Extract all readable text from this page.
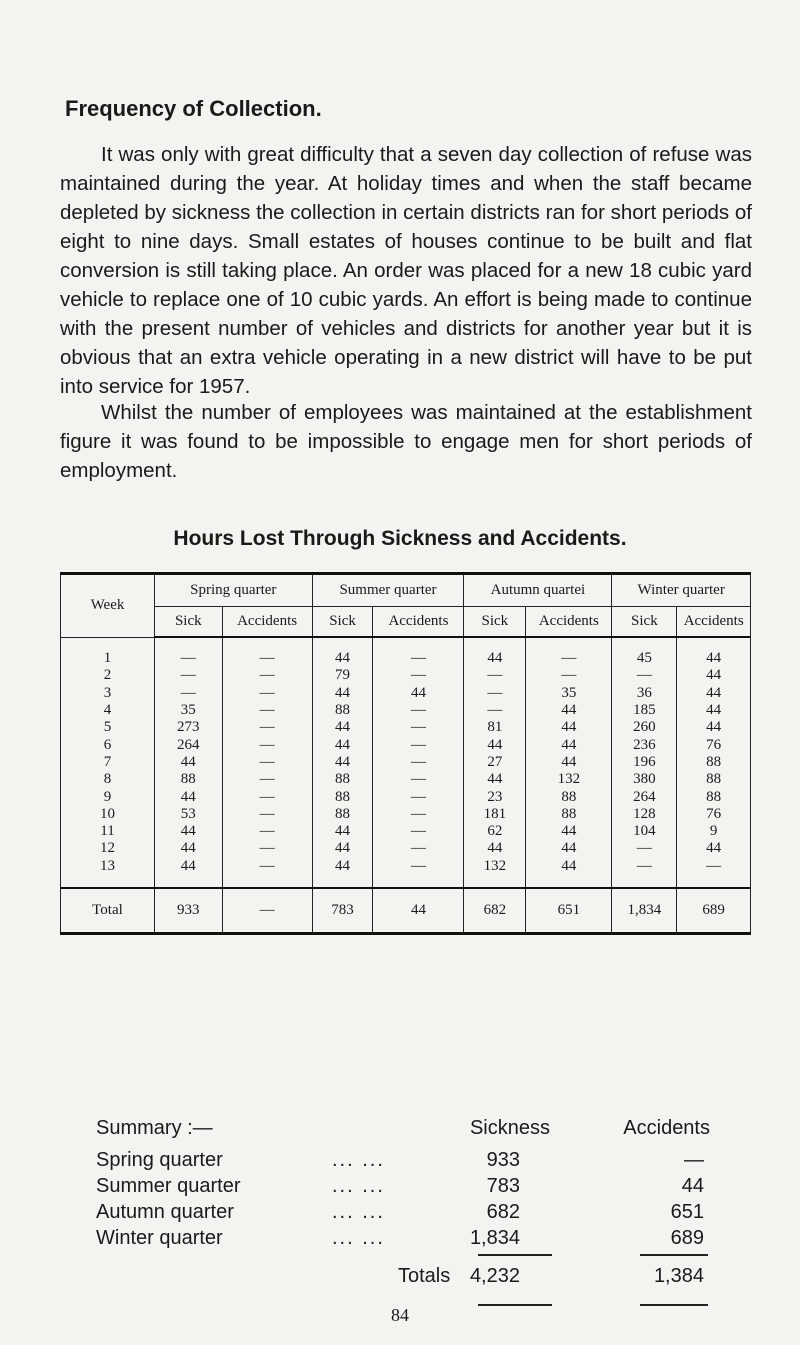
Frequency of Collection.

It was only with great difficulty that a seven day collection of refuse was maintained during the year. At holiday times and when the staff became depleted by sickness the collection in certain districts ran for short periods of eight to nine days. Small estates of houses continue to be built and flat conversion is still taking place. An order was placed for a new 18 cubic yard vehicle to replace one of 10 cubic yards. An effort is being made to continue with the present number of vehicles and districts for another year but it is obvious that an extra vehicle operating in a new district will have to be put into service for 1957.

Whilst the number of employees was maintained at the establishment figure it was found to be impossible to engage men for short periods of employment.

Hours Lost Through Sickness and Accidents.
Week	Spring quarter		Summer quarter		Autumn quartei		Winter quarter	
	Sick	Accidents	Sick	Accidents	Sick	Accidents	Sick	Accidents
1	—	—	44	—	44	—	45	44
2	—	—	79	—	—	—	—	44
3	—	—	44	44	—	35	36	44
4	35	—	88	—	—	44	185	44
5	273	—	44	—	81	44	260	44
6	264	—	44	—	44	44	236	76
7	44	—	44	—	27	44	196	88
8	88	—	88	—	44	132	380	88
9	44	—	88	—	23	88	264	88
10	53	—	88	—	181	88	128	76
11	44	—	44	—	62	44	104	9
12	44	—	44	—	44	44	—	44
13	44	—	44	—	132	44	—	—
Total	933	—	783	44	682	651	1,834	689
Summary :—	Sickness	Accidents
Spring quarter	... ...	933	—
Summer quarter	... ...	783	44
Autumn quarter	... ...	682	651
Winter quarter	... ...	1,834	689
Totals 4,232	1,384
84
